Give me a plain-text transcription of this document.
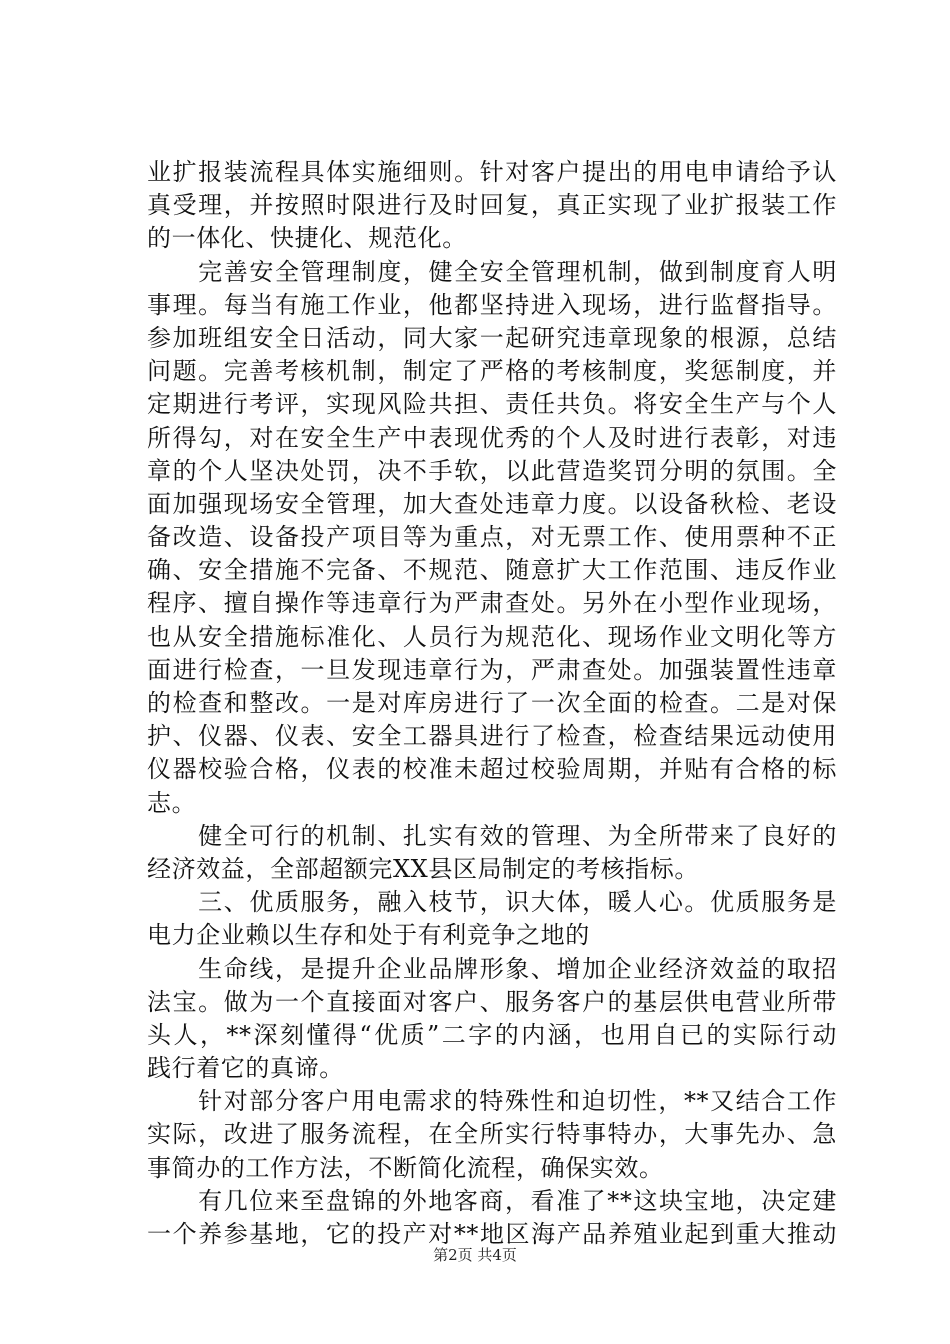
业扩报装流程具体实施细则。针对客户提出的用电申请给予认
真受理，并按照时限进行及时回复，真正实现了业扩报装工作
的一体化、快捷化、规范化。
　　完善安全管理制度，健全安全管理机制，做到制度育人明
事理。每当有施工作业，他都坚持进入现场，进行监督指导。
参加班组安全日活动，同大家一起研究违章现象的根源，总结
问题。完善考核机制，制定了严格的考核制度，奖惩制度，并
定期进行考评，实现风险共担、责任共负。将安全生产与个人
所得勾，对在安全生产中表现优秀的个人及时进行表彰，对违
章的个人坚决处罚，决不手软，以此营造奖罚分明的氛围。全
面加强现场安全管理，加大查处违章力度。以设备秋检、老设
备改造、设备投产项目等为重点，对无票工作、使用票种不正
确、安全措施不完备、不规范、随意扩大工作范围、违反作业
程序、擅自操作等违章行为严肃查处。另外在小型作业现场，
也从安全措施标准化、人员行为规范化、现场作业文明化等方
面进行检查，一旦发现违章行为，严肃查处。加强装置性违章
的检查和整改。一是对库房进行了一次全面的检查。二是对保
护、仪器、仪表、安全工器具进行了检查，检查结果远动使用
仪器校验合格，仪表的校准未超过校验周期，并贴有合格的标
志。
　　健全可行的机制、扎实有效的管理、为全所带来了良好的
经济效益，全部超额完XX县区局制定的考核指标。
　　三、优质服务，融入枝节，识大体，暖人心。优质服务是
电力企业赖以生存和处于有利竞争之地的
　　生命线，是提升企业品牌形象、增加企业经济效益的取招
法宝。做为一个直接面对客户、服务客户的基层供电营业所带
头人，**深刻懂得“优质”二字的内涵，也用自已的实际行动
践行着它的真谛。
　　针对部分客户用电需求的特殊性和迫切性，**又结合工作
实际，改进了服务流程，在全所实行特事特办，大事先办、急
事简办的工作方法，不断简化流程，确保实效。
　　有几位来至盘锦的外地客商，看准了**这块宝地，决定建
一个养参基地，它的投产对**地区海产品养殖业起到重大推动
第2页 共4页
